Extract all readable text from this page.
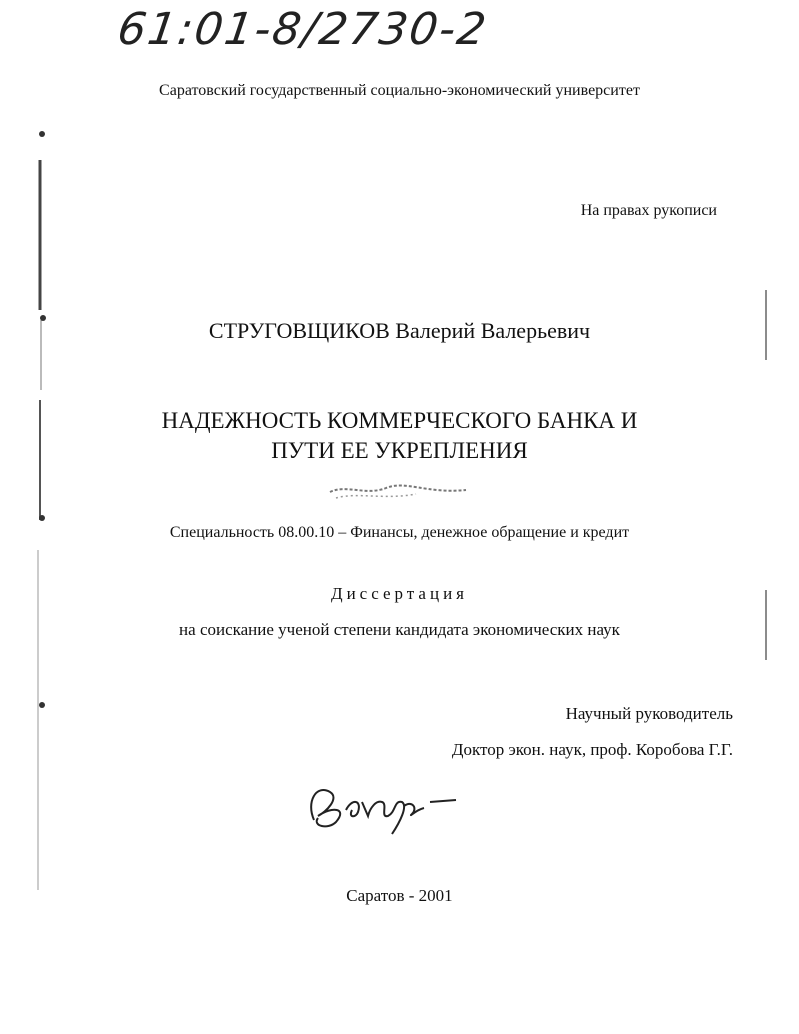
61:01-8/2730-2
Саратовский государственный социально-экономический университет
На правах рукописи
СТРУГОВЩИКОВ Валерий Валерьевич
НАДЕЖНОСТЬ КОММЕРЧЕСКОГО БАНКА И
ПУТИ ЕЕ УКРЕПЛЕНИЯ
Специальность 08.00.10 – Финансы, денежное обращение и кредит
Диссертация
на соискание ученой степени кандидата экономических наук
Научный руководитель
Доктор экон. наук, проф. Коробова Г.Г.
Саратов - 2001
